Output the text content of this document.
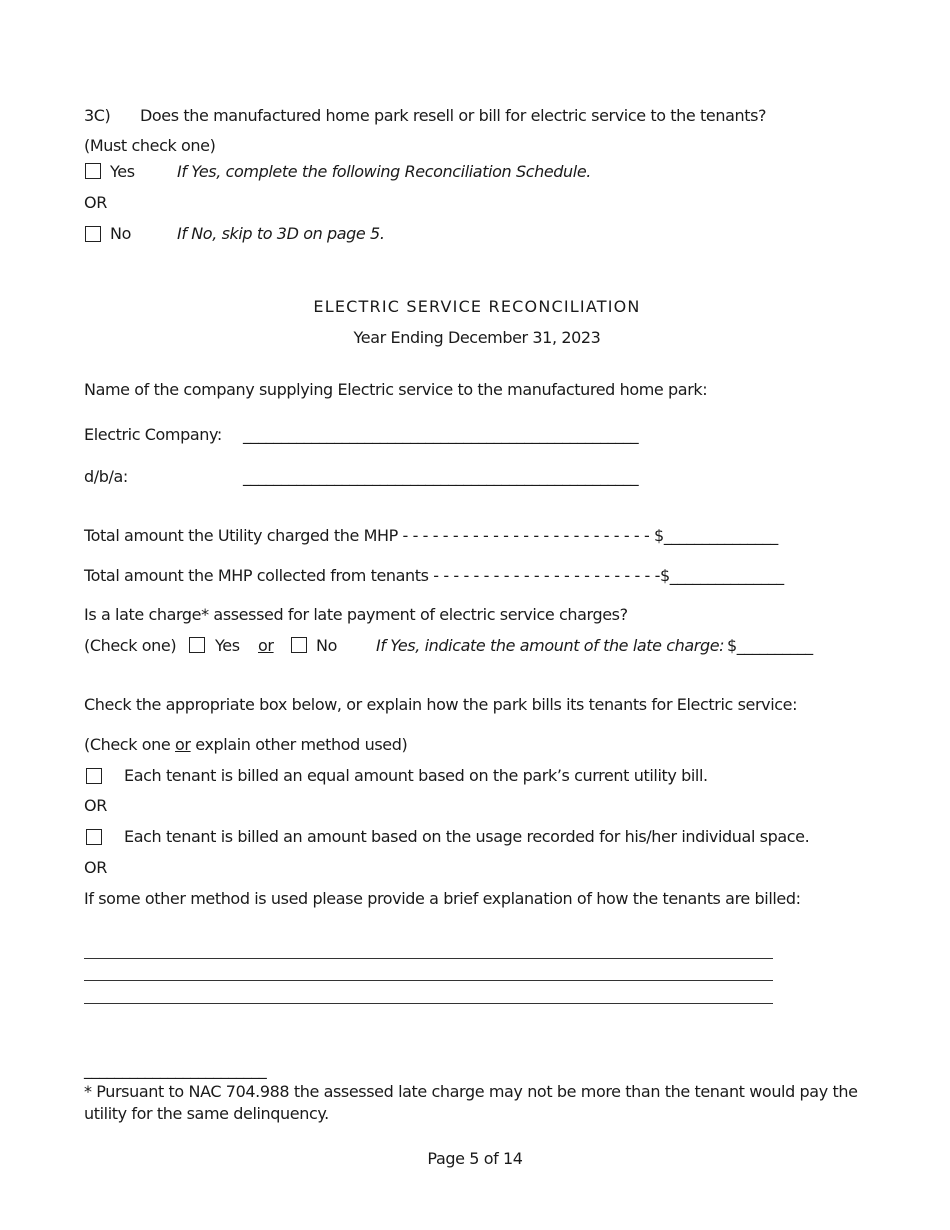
3C) Does the manufactured home park resell or bill for electric service to the tenants?
(Must check one)
Yes	If Yes, complete the following Reconciliation Schedule.
OR
No	If No, skip to 3D on page 5.
ELECTRIC SERVICE RECONCILIATION
Year Ending December 31, 2023
Name of the company supplying Electric service to the manufactured home park:
Electric Company: ____________________________________________________
d/b/a:	____________________________________________________
Total amount the Utility charged the MHP - - - - - - - - - - - - - - - - - - - - - - - - - $_______________
Total amount the MHP collected from tenants - - - - - - - - - - - - - - - - - - - - - - -$_______________
Is a late charge* assessed for late payment of electric service charges?
(Check one) Yes or	No If Yes, indicate the amount of the late charge: $__________
Check the appropriate box below, or explain how the park bills its tenants for Electric service:
(Check one or explain other method used)
Each tenant is billed an equal amount based on the park’s current utility bill.
OR
Each tenant is billed an amount based on the usage recorded for his/her individual space.
OR
If some other method is used please provide a brief explanation of how the tenants are billed:
________________________
* Pursuant to NAC 704.988 the assessed late charge may not be more than the tenant would pay the
utility for the same delinquency.
Page 5 of 14
